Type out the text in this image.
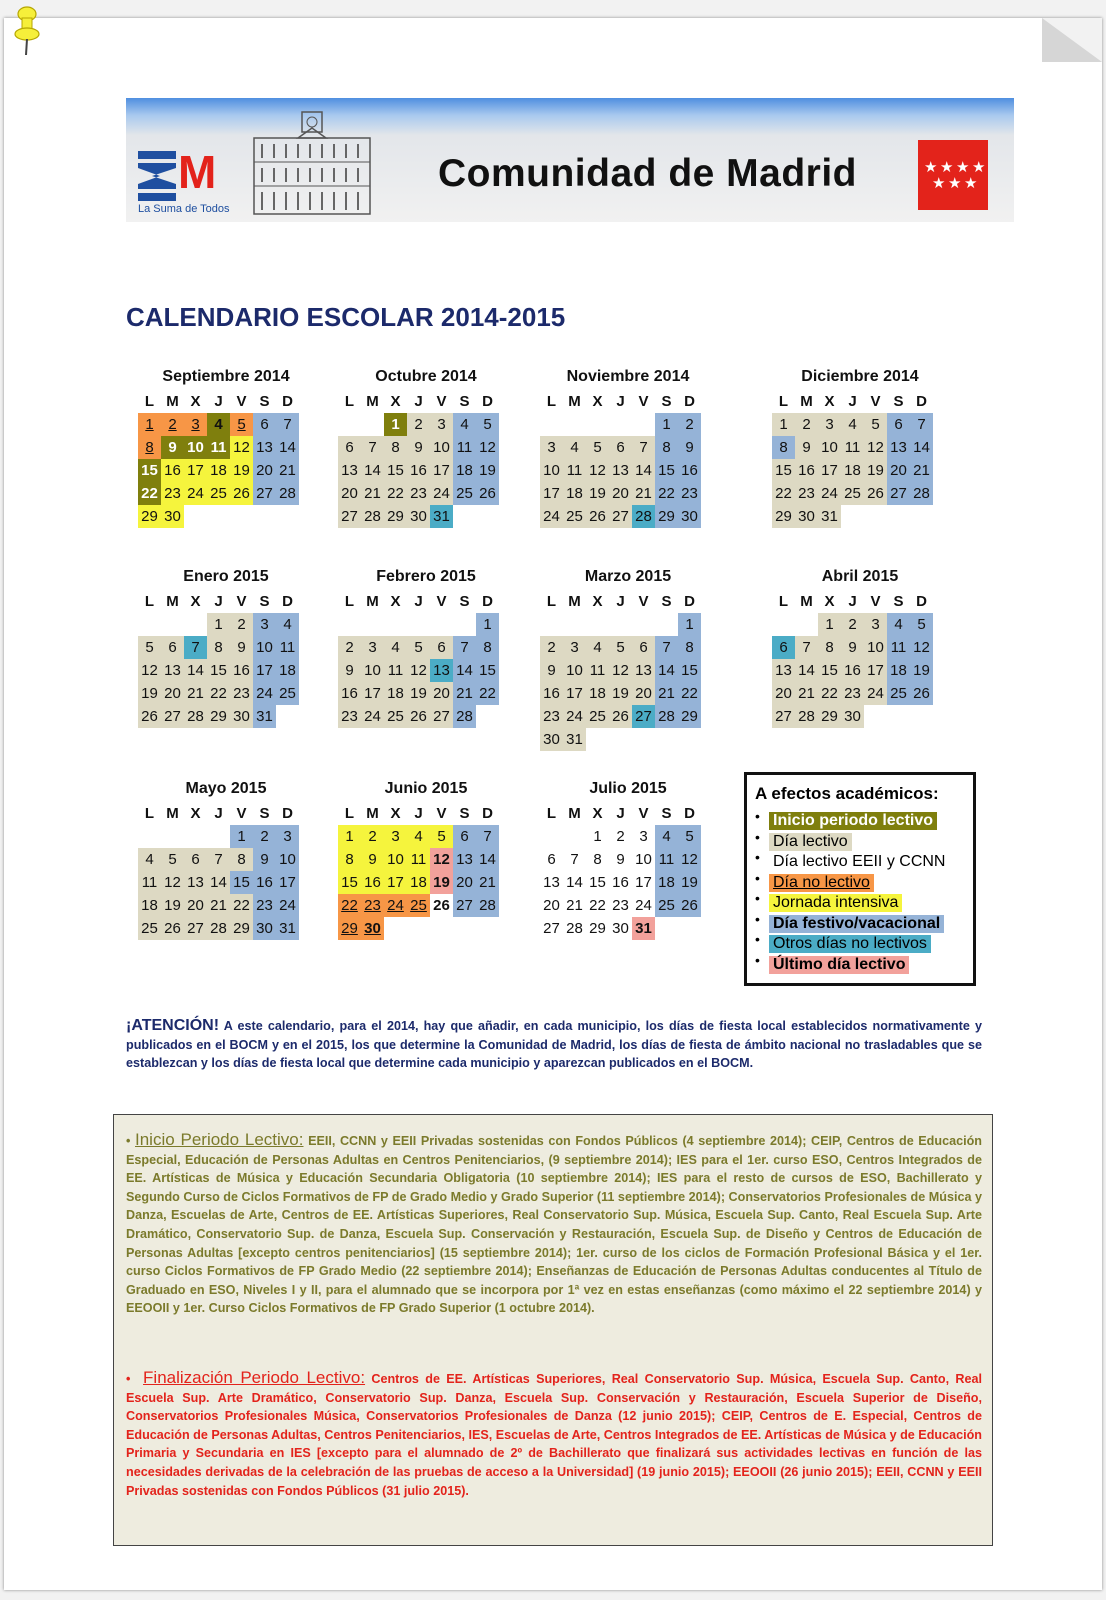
M
La Suma de Todos
Comunidad de Madrid	★ ★ ★ ★
★ ★ ★
CALENDARIO ESCOLAR 2014-2015
Septiembre 2014
L M X J V S D
1 2 3 4 5 6 7
8 9 10 11 12 13 14
15 16 17 18 19 20 21
22 23 24 25 26 27 28
29 30
Octubre 2014
L M X J V S D
1 2 3 4 5
6 7 8 9 10 11 12
13 14 15 16 17 18 19
20 21 22 23 24 25 26
27 28 29 30 31
Noviembre 2014
L M X J V S D
1 2
3 4 5 6 7 8 9
10 11 12 13 14 15 16
17 18 19 20 21 22 23
24 25 26 27 28 29 30
Diciembre 2014
L M X J V S D
1 2 3 4 5 6 7
8 9 10 11 12 13 14
15 16 17 18 19 20 21
22 23 24 25 26 27 28
29 30 31
Enero 2015
L M X J V S D
1 2 3 4
5 6 7 8 9 10 11
12 13 14 15 16 17 18
19 20 21 22 23 24 25
26 27 28 29 30 31
Febrero 2015
L M X J V S D
1
2 3 4 5 6 7 8
9 10 11 12 13 14 15
16 17 18 19 20 21 22
23 24 25 26 27 28
Marzo 2015
L M X J V S D
1
2 3 4 5 6 7 8
9 10 11 12 13 14 15
16 17 18 19 20 21 22
23 24 25 26 27 28 29
30 31
Abril 2015
L M X J V S D
1 2 3 4 5
6 7 8 9 10 11 12
13 14 15 16 17 18 19
20 21 22 23 24 25 26
27 28 29 30
Mayo 2015
L M X J V S D
1 2 3
4 5 6 7 8 9 10
11 12 13 14 15 16 17
18 19 20 21 22 23 24
25 26 27 28 29 30 31
Junio 2015
L M X J V S D
1 2 3 4 5 6 7
8 9 10 11 12 13 14
15 16 17 18 19 20 21
22 23 24 25 26 27 28
29 30
Julio 2015
L M X J V S D
1 2 3 4 5
6 7 8 9 10 11 12
13 14 15 16 17 18 19
20 21 22 23 24 25 26
27 28 29 30 31
A efectos académicos:
• Inicio periodo lectivo
• Día lectivo
• Día lectivo EEII y CCNN
• Día no lectivo
• Jornada intensiva
• Día festivo/vacacional
• Otros días no lectivos
• Último día lectivo
¡ATENCIÓN! A este calendario, para el 2014, hay que añadir, en cada municipio, los días de fiesta local establecidos normativamente y publicados en el BOCM y en el 2015, los que determine la Comunidad de Madrid, los días de fiesta de ámbito nacional no trasladables que se establezcan y los días de fiesta local que determine cada municipio y aparezcan publicados en el BOCM.
• Inicio Periodo Lectivo: EEII, CCNN y EEII Privadas sostenidas con Fondos Públicos (4 septiembre 2014); CEIP, Centros de Educación Especial, Educación de Personas Adultas en Centros Penitenciarios, (9 septiembre 2014); IES para el 1er. curso ESO, Centros Integrados de EE. Artísticas de Música y Educación Secundaria Obligatoria (10 septiembre 2014); IES para el resto de cursos de ESO, Bachillerato y Segundo Curso de Ciclos Formativos de FP de Grado Medio y Grado Superior (11 septiembre 2014); Conservatorios Profesionales de Música y Danza, Escuelas de Arte, Centros de EE. Artísticas Superiores, Real Conservatorio Sup. Música, Escuela Sup. Canto, Real Escuela Sup. Arte Dramático, Conservatorio Sup. de Danza, Escuela Sup. Conservación y Restauración, Escuela Sup. de Diseño y Centros de Educación de Personas Adultas [excepto centros penitenciarios] (15 septiembre 2014); 1er. curso de los ciclos de Formación Profesional Básica y el 1er. curso Ciclos Formativos de FP Grado Medio (22 septiembre 2014); Enseñanzas de Educación de Personas Adultas conducentes al Título de Graduado en ESO, Niveles I y II, para el alumnado que se incorpora por 1ª vez en estas enseñanzas (como máximo el 22 septiembre 2014) y EEOOII y 1er. Curso Ciclos Formativos de FP Grado Superior (1 octubre 2014).
•  Finalización Periodo Lectivo: Centros de EE. Artísticas Superiores, Real Conservatorio Sup. Música, Escuela Sup. Canto, Real Escuela Sup. Arte Dramático, Conservatorio Sup. Danza, Escuela Sup. Conservación y Restauración, Escuela Superior de Diseño, Conservatorios Profesionales Música, Conservatorios Profesionales de Danza (12 junio 2015); CEIP, Centros de E. Especial, Centros de Educación de Personas Adultas, Centros Penitenciarios, IES, Escuelas de Arte, Centros Integrados de EE. Artísticas de Música y de Educación Primaria y Secundaria en IES [excepto para el alumnado de 2º de Bachillerato que finalizará sus actividades lectivas en función de las necesidades derivadas de la celebración de las pruebas de acceso a la Universidad] (19 junio 2015); EEOOII (26 junio 2015); EEII, CCNN y EEII Privadas sostenidas con Fondos Públicos (31 julio 2015).
